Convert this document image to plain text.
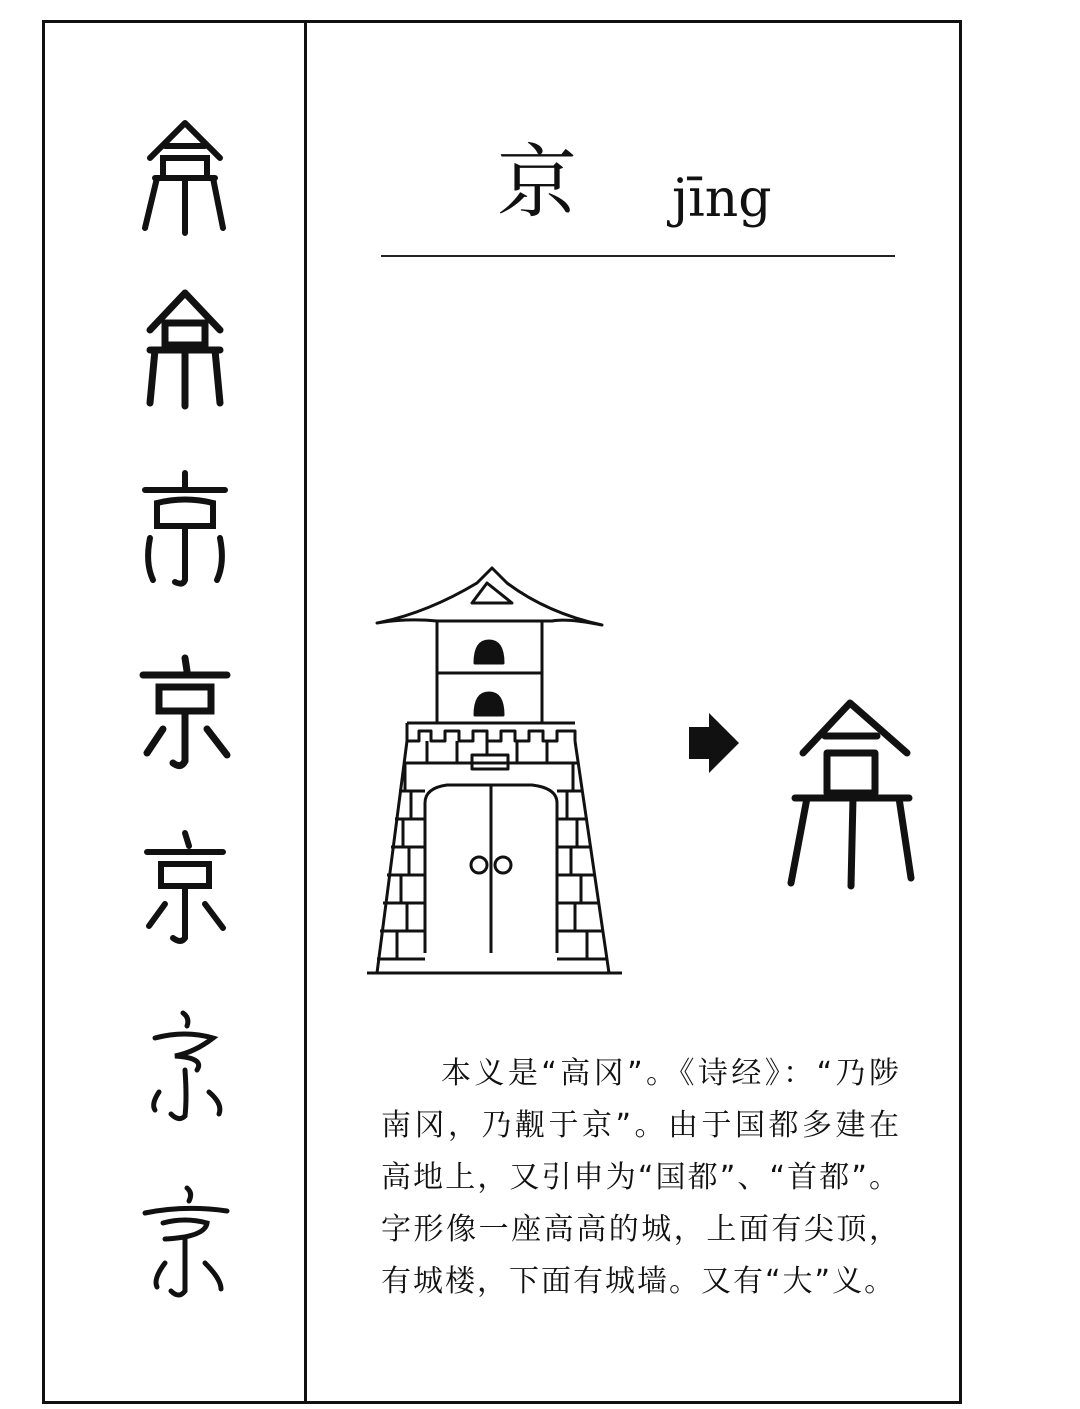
京 jīng
本义是“高冈”。《诗经》：“乃陟南冈，乃觏于京”。由于国都多建在高地上，又引申为“国都”、“首都”。字形像一座高高的城，上面有尖顶，有城楼，下面有城墙。又有“大”义。
